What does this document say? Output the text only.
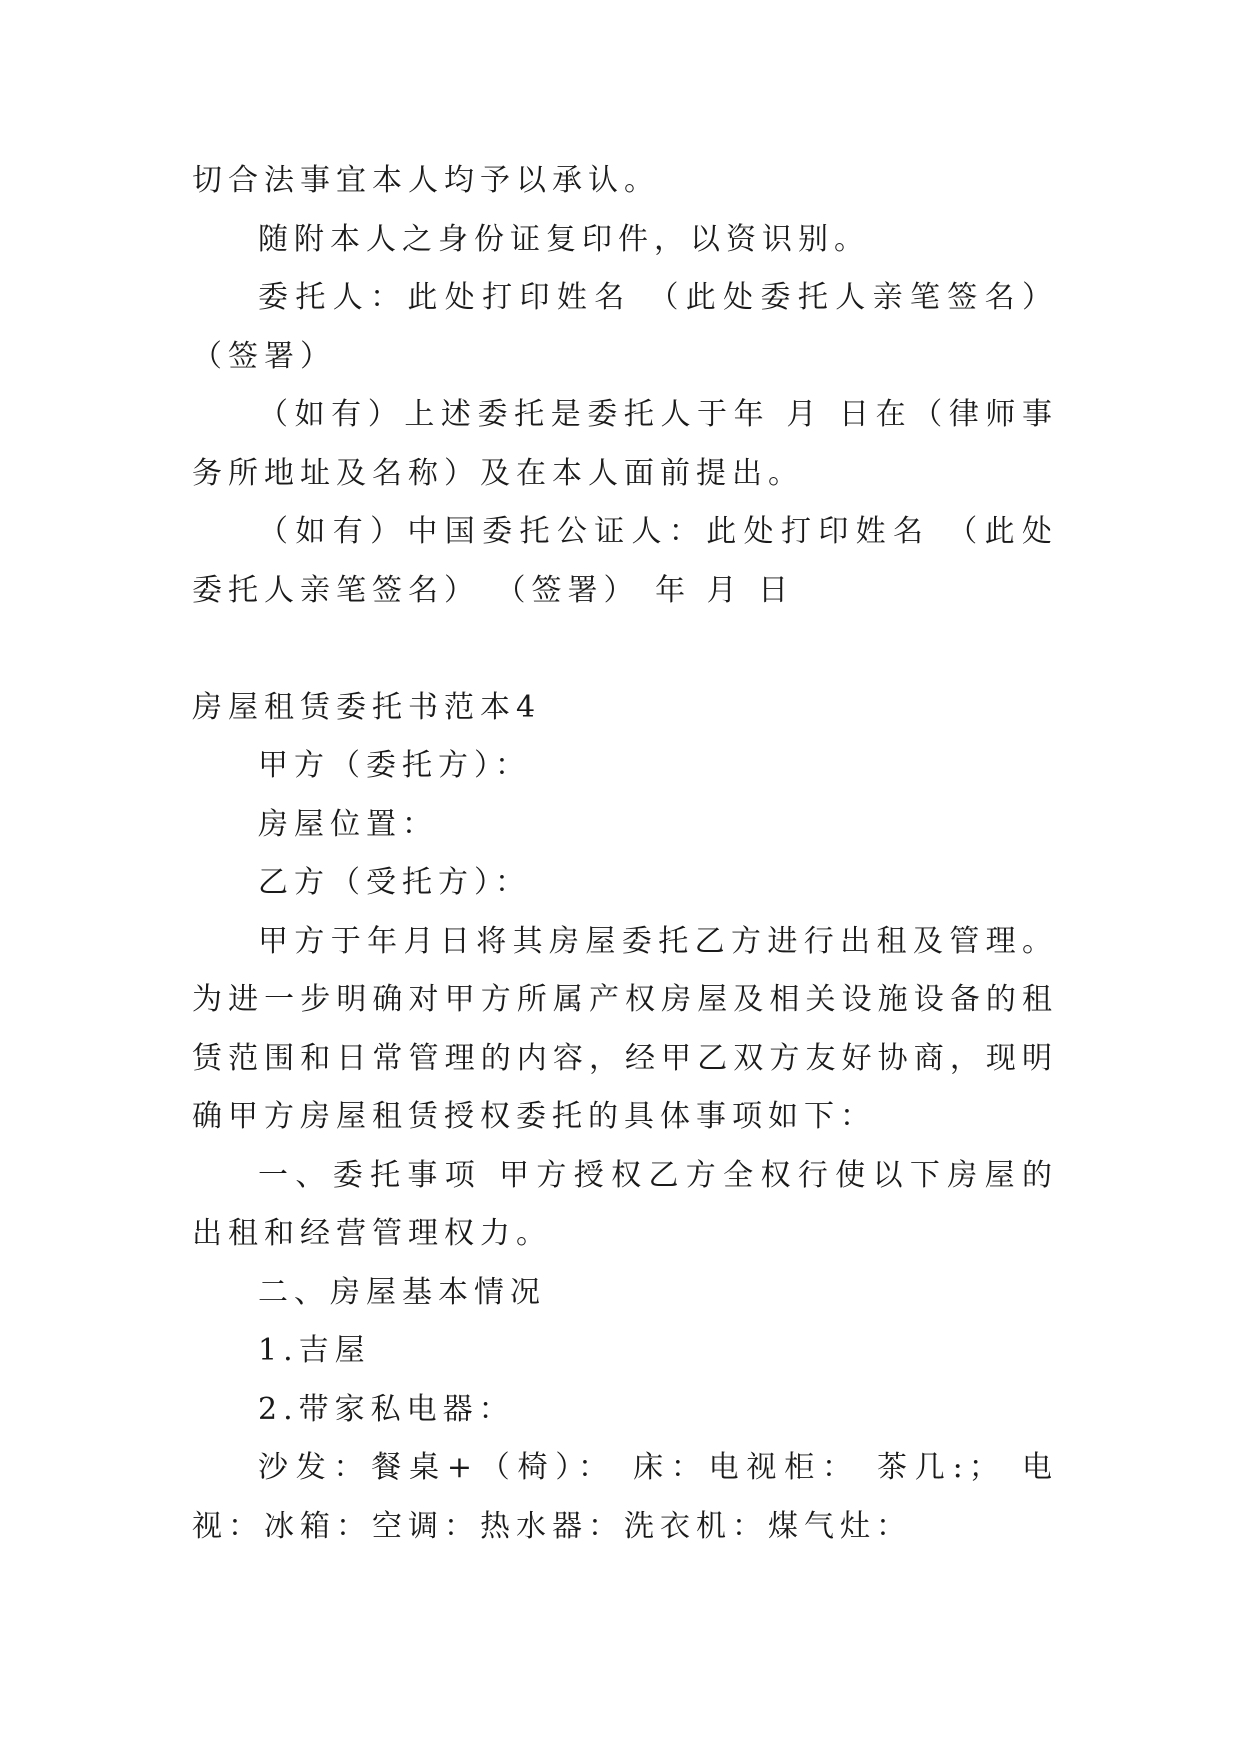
切合法事宜本人均予以承认。

随附本人之身份证复印件，以资识别。

委托人：此处打印姓名 （此处委托人亲笔签名） （签署）

（如有）上述委托是委托人于年 月 日在（律师事务所地址及名称）及在本人面前提出。

（如有）中国委托公证人：此处打印姓名 （此处委托人亲笔签名） （签署） 年 月 日

房屋租赁委托书范本4

甲方（委托方）：

房屋位置：

乙方（受托方）：

甲方于年月日将其房屋委托乙方进行出租及管理。为进一步明确对甲方所属产权房屋及相关设施设备的租赁范围和日常管理的内容，经甲乙双方友好协商，现明确甲方房屋租赁授权委托的具体事项如下：

一、委托事项 甲方授权乙方全权行使以下房屋的出租和经营管理权力。

二、房屋基本情况

1.吉屋

2.带家私电器：

沙发：餐桌+（椅）： 床：电视柜： 茶几:； 电视：冰箱：空调：热水器：洗衣机：煤气灶：
